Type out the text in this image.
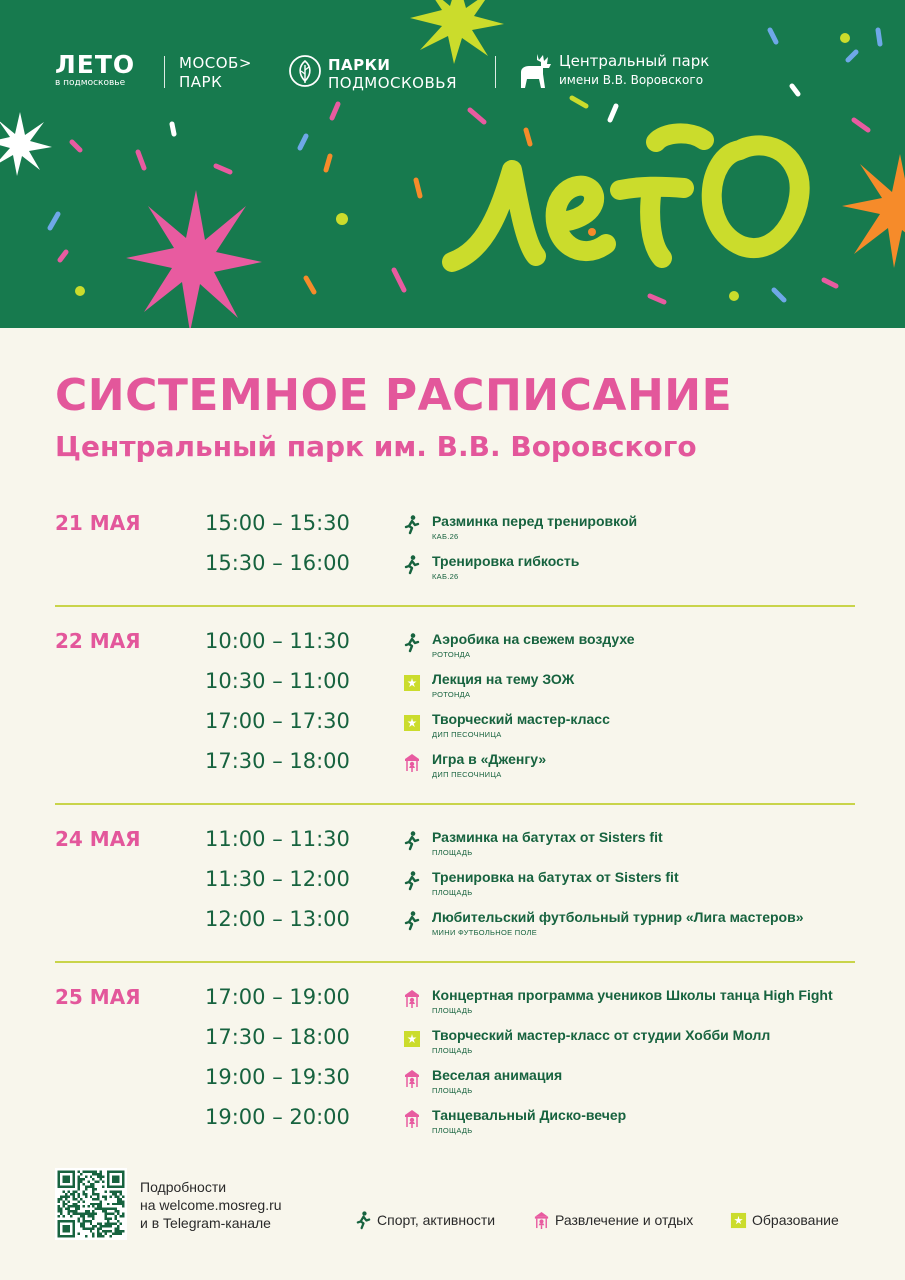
ЛЕТО
в подмосковье
МОСОБ>
ПАРК
ПАРКИ
ПОДМОСКОВЬЯ
Центральный парк
имени В.В. Воровского
СИСТЕМНОЕ РАСПИСАНИЕ
Центральный парк им. В.В. Воровского
21 МАЯ	15:00 – 15:30	Разминка перед тренировкой
КАБ.26
15:30 – 16:00	Тренировка гибкость
КАБ.26
22 МАЯ	10:00 – 11:30	Аэробика на свежем воздухе
РОТОНДА
10:30 – 11:00	Лекция на тему ЗОЖ
РОТОНДА
17:00 – 17:30	Творческий мастер-класс
ДИП ПЕСОЧНИЦА
17:30 – 18:00	Игра в «Дженгу»
ДИП ПЕСОЧНИЦА
24 МАЯ	11:00 – 11:30	Разминка на батутах от Sisters fit
ПЛОЩАДЬ
11:30 – 12:00	Тренировка на батутах от Sisters fit
ПЛОЩАДЬ
12:00 – 13:00	Любительский футбольный турнир «Лига мастеров»
МИНИ ФУТБОЛЬНОЕ ПОЛЕ
25 МАЯ	17:00 – 19:00	Концертная программа учеников Школы танца High Fight
ПЛОЩАДЬ
17:30 – 18:00	Творческий мастер-класс от студии Хобби Молл
ПЛОЩАДЬ
19:00 – 19:30	Веселая анимация
ПЛОЩАДЬ
19:00 – 20:00	Танцевальный Диско-вечер
ПЛОЩАДЬ
Подробности
на welcome.mosreg.ru
и в Telegram-канале	Спорт, активности	Развлечение и отдых	Образование
